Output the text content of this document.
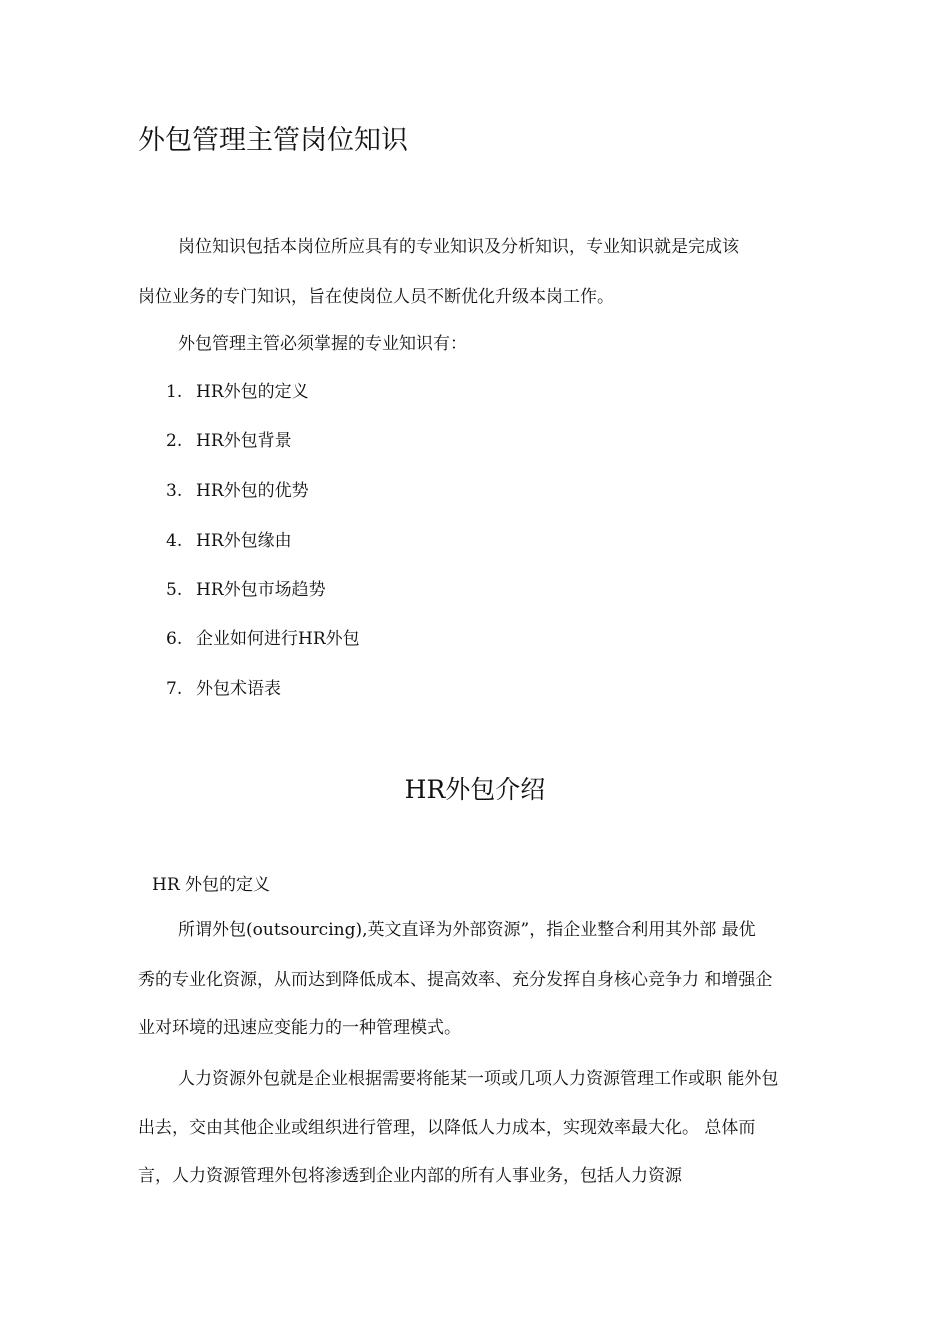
外包管理主管岗位知识
岗位知识包括本岗位所应具有的专业知识及分析知识，专业知识就是完成该
岗位业务的专门知识，旨在使岗位人员不断优化升级本岗工作。
外包管理主管必须掌握的专业知识有：
1. HR外包的定义
2. HR外包背景
3. HR外包的优势
4. HR外包缘由
5. HR外包市场趋势
6. 企业如何进行HR外包
7. 外包术语表
HR外包介绍
HR 外包的定义
所谓外包(outsourcing),英文直译为外部资源”，指企业整合利用其外部 最优
秀的专业化资源，从而达到降低成本、提高效率、充分发挥自身核心竞争力 和增强企
业对环境的迅速应变能力的一种管理模式。
人力资源外包就是企业根据需要将能某一项或几项人力资源管理工作或职 能外包
出去，交由其他企业或组织进行管理，以降低人力成本，实现效率最大化。 总体而
言，人力资源管理外包将渗透到企业内部的所有人事业务，包括人力资源
